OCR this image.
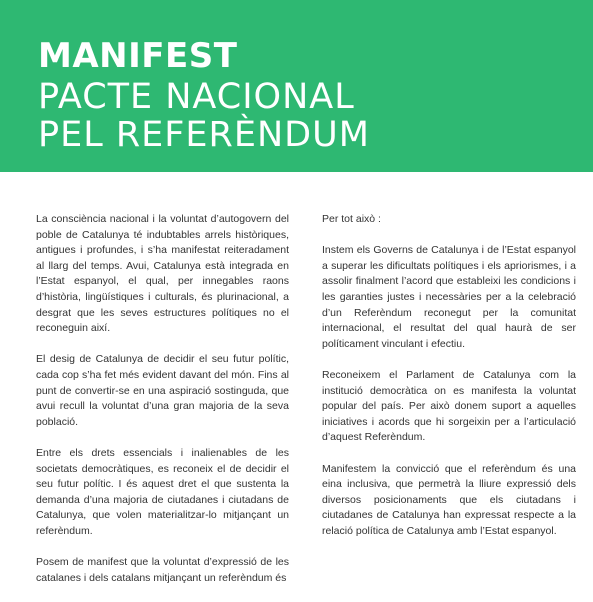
MANIFEST
PACTE NACIONAL
PEL REFERÈNDUM

La consciència nacional i la voluntat d’autogovern del poble de Catalunya té indubtables arrels històriques, antigues i profundes, i s’ha manifestat reiteradament al llarg del temps. Avui, Catalunya està integrada en l’Estat espanyol, el qual, per innegables raons d’història, lingüístiques i culturals, és plurinacional, a desgrat que les seves estructures polítiques no el reconeguin així.

El desig de Catalunya de decidir el seu futur polític, cada cop s’ha fet més evident davant del món. Fins al punt de convertir-se en una aspiració sostinguda, que avui recull la voluntat d’una gran majoria de la seva població.

Entre els drets essencials i inalienables de les societats democràtiques, es reconeix el de decidir el seu futur polític. I és aquest dret el que sustenta la demanda d’una majoria de ciutadanes i ciutadans de Catalunya, que volen materialitzar-lo mitjançant un referèndum.

Posem de manifest que la voluntat d’expressió de les catalanes i dels catalans mitjançant un referèndum és

Per tot això :

Instem els Governs de Catalunya i de l’Estat espanyol a superar les dificultats polítiques i els apriorismes, i a assolir finalment l’acord que estableixi les condicions i les garanties justes i necessàries per a la celebració d’un Referèndum reconegut per la comunitat internacional, el resultat del qual haurà de ser políticament vinculant i efectiu.

Reconeixem el Parlament de Catalunya com la institució democràtica on es manifesta la voluntat popular del país. Per això donem suport a aquelles iniciatives i acords que hi sorgeixin per a l’articulació d’aquest Referèndum.

Manifestem la convicció que el referèndum és una eina inclusiva, que permetrà la lliure expressió dels diversos posicionaments que els ciutadans i ciutadanes de Catalunya han expressat respecte a la relació política de Catalunya amb l’Estat espanyol.
